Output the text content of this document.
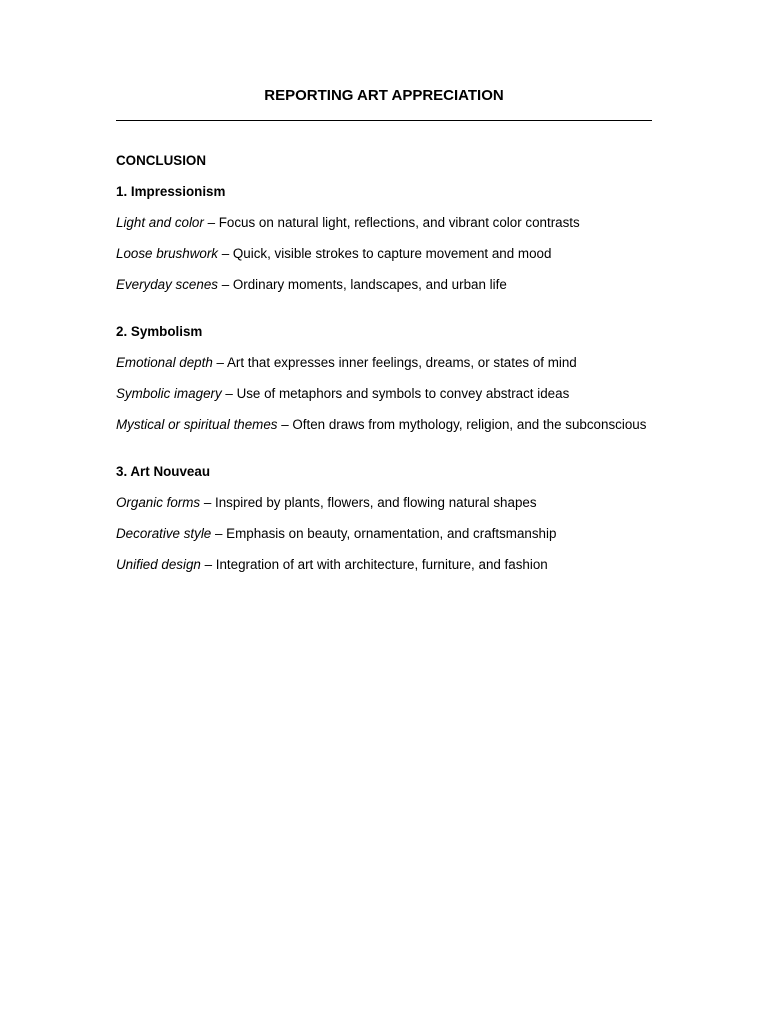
REPORTING ART APPRECIATION

CONCLUSION

1. Impressionism

Light and color – Focus on natural light, reflections, and vibrant color contrasts

Loose brushwork – Quick, visible strokes to capture movement and mood

Everyday scenes – Ordinary moments, landscapes, and urban life

2. Symbolism

Emotional depth – Art that expresses inner feelings, dreams, or states of mind

Symbolic imagery – Use of metaphors and symbols to convey abstract ideas

Mystical or spiritual themes – Often draws from mythology, religion, and the subconscious

3. Art Nouveau

Organic forms – Inspired by plants, flowers, and flowing natural shapes

Decorative style – Emphasis on beauty, ornamentation, and craftsmanship

Unified design – Integration of art with architecture, furniture, and fashion
